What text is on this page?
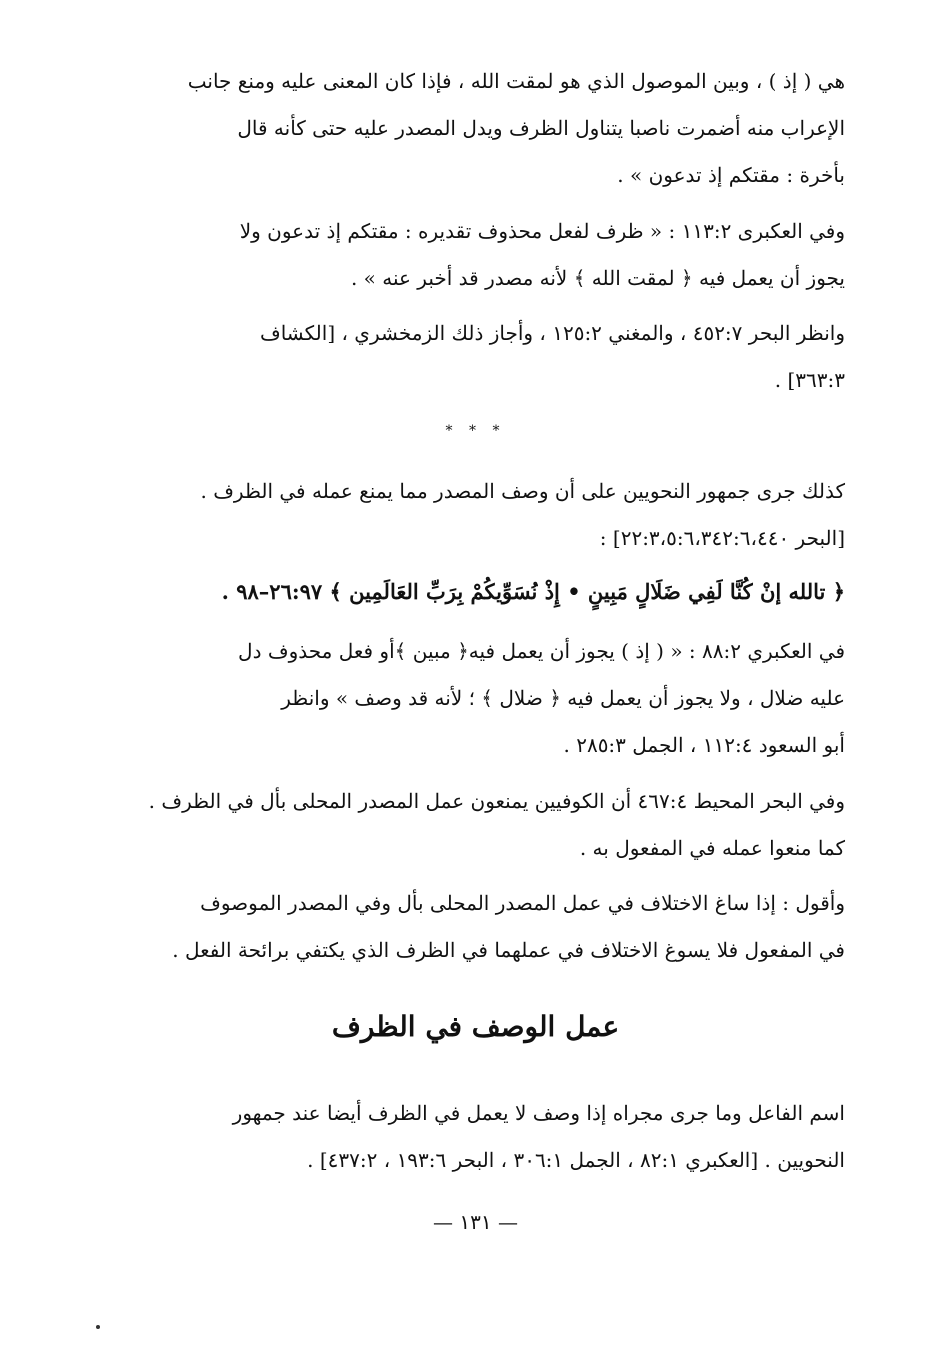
هي ( إذ ) ، وبين الموصول الذي هو لمقت الله ، فإذا كان المعنى عليه ومنع جانب

الإعراب منه أضمرت ناصبا يتناول الظرف ويدل المصدر عليه حتى كأنه قال

بأخرة : مقتكم إذ تدعون » .

وفي العكبرى ١١٣:٢ : « ظرف لفعل محذوف تقديره : مقتكم إذ تدعون ولا

يجوز أن يعمل فيه ﴿ لمقت الله ﴾ لأنه مصدر قد أخبر عنه » .

وانظر البحر ٤٥٢:٧ ، والمغني ١٢٥:٢ ، وأجاز ذلك الزمخشري ، [الكشاف

٣٦٣:٣] .

* * *

كذلك جرى جمهور النحويين على أن وصف المصدر مما يمنع عمله في الظرف .

[البحر ٢٢:٣،٥:٦،٣٤٢:٦،٤٤٠] :

﴿ تالله إنْ كُنَّا لَفِي ضَلَالٍ مَبِينٍ • إِذْ نُسَوِّيكُمْ بِرَبِّ العَالَمِين ﴾ ٢٦:٩٧–٩٨ .

في العكبري ٨٨:٢ : « ( إذ ) يجوز أن يعمل فيه﴿ مبين ﴾أو فعل محذوف دل

عليه ضلال ، ولا يجوز أن يعمل فيه ﴿ ضلال ﴾ ؛ لأنه قد وصف » وانظر

أبو السعود ١١٢:٤ ، الجمل ٢٨٥:٣ .

وفي البحر المحيط ٤٦٧:٤ أن الكوفيين يمنعون عمل المصدر المحلى بأل في الظرف .

كما منعوا عمله في المفعول به .

وأقول : إذا ساغ الاختلاف في عمل المصدر المحلى بأل وفي المصدر الموصوف

في المفعول فلا يسوغ الاختلاف في عملهما في الظرف الذي يكتفي برائحة الفعل .

عمل الوصف في الظرف

اسم الفاعل وما جرى مجراه إذا وصف لا يعمل في الظرف أيضا عند جمهور

النحويين . [العكبري ٨٢:١ ، الجمل ٣٠٦:١ ، البحر ١٩٣:٦ ، ٤٣٧:٢] .

— ١٣١ —
